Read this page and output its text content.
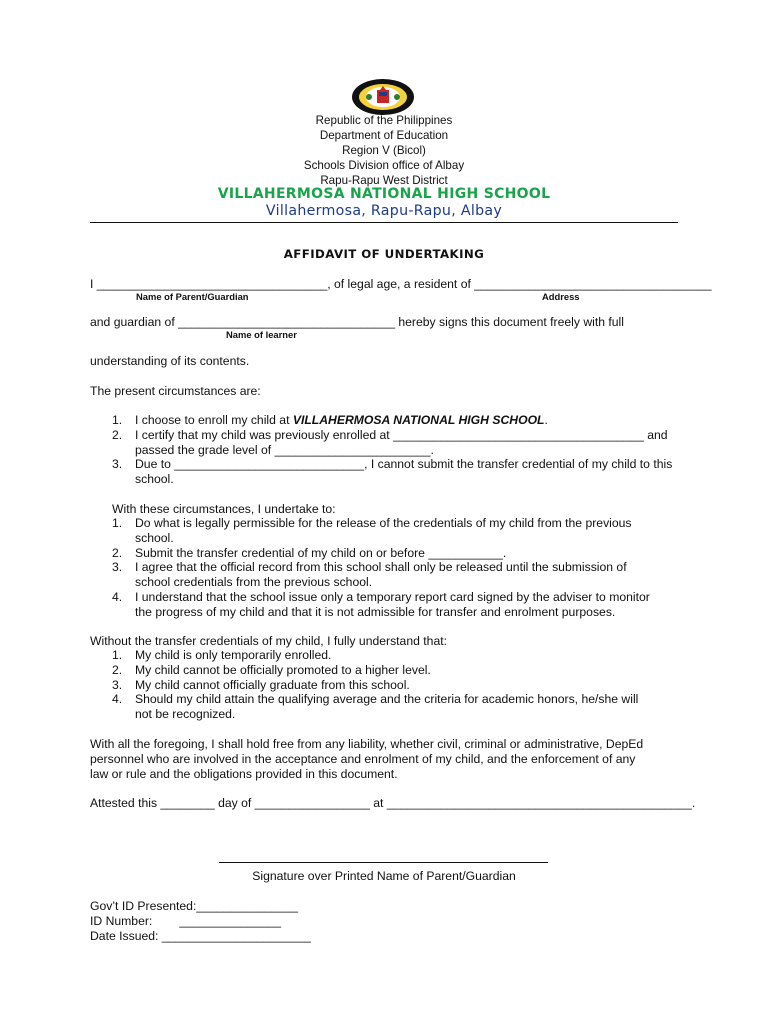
Republic of the Philippines
Department of Education
Region V (Bicol)
Schools Division office of Albay
Rapu-Rapu West District
VILLAHERMOSA NATIONAL HIGH SCHOOL
Villahermosa, Rapu-Rapu, Albay
AFFIDAVIT OF UNDERTAKING
I __________________________________, of legal age, a resident of ___________________________________
Name of Parent/Guardian	Address
and guardian of ________________________________ hereby signs this document freely with full
Name of learner
understanding of its contents.
The present circumstances are:
1. I choose to enroll my child at VILLAHERMOSA NATIONAL HIGH SCHOOL.
2. I certify that my child was previously enrolled at _____________________________________ and
passed the grade level of _______________________.
3. Due to ____________________________, I cannot submit the transfer credential of my child to this
school.
With these circumstances, I undertake to:
1. Do what is legally permissible for the release of the credentials of my child from the previous
school.
2. Submit the transfer credential of my child on or before ___________.
3. I agree that the official record from this school shall only be released until the submission of
school credentials from the previous school.
4. I understand that the school issue only a temporary report card signed by the adviser to monitor
the progress of my child and that it is not admissible for transfer and enrolment purposes.
Without the transfer credentials of my child, I fully understand that:
1. My child is only temporarily enrolled.
2. My child cannot be officially promoted to a higher level.
3. My child cannot officially graduate from this school.
4. Should my child attain the qualifying average and the criteria for academic honors, he/she will
not be recognized.
With all the foregoing, I shall hold free from any liability, whether civil, criminal or administrative, DepEd
personnel who are involved in the acceptance and enrolment of my child, and the enforcement of any
law or rule and the obligations provided in this document.
Attested this ________ day of _________________ at _____________________________________________.
Signature over Printed Name of Parent/Guardian
Gov’t ID Presented:_______________
ID Number:        _______________
Date Issued: ______________________
